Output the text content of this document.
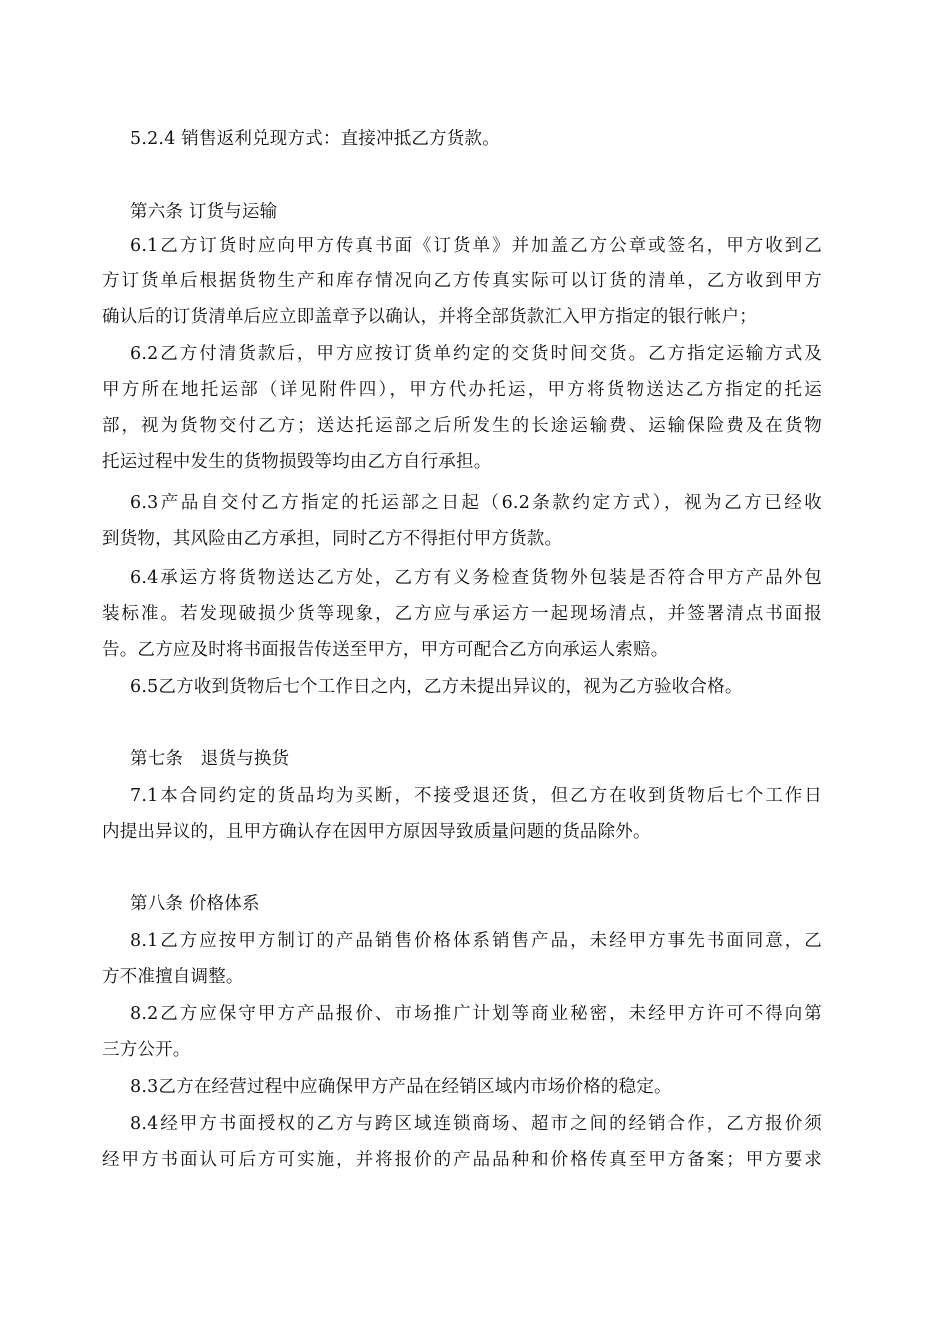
5.2.4 销售返利兑现方式：直接冲抵乙方货款。
第六条 订货与运输
6.1乙方订货时应向甲方传真书面《订货单》并加盖乙方公章或签名，甲方收到乙
方订货单后根据货物生产和库存情况向乙方传真实际可以订货的清单，乙方收到甲方
确认后的订货清单后应立即盖章予以确认，并将全部货款汇入甲方指定的银行帐户；
6.2乙方付清货款后，甲方应按订货单约定的交货时间交货。乙方指定运输方式及
甲方所在地托运部（详见附件四），甲方代办托运，甲方将货物送达乙方指定的托运
部，视为货物交付乙方；送达托运部之后所发生的长途运输费、运输保险费及在货物
托运过程中发生的货物损毁等均由乙方自行承担。
6.3产品自交付乙方指定的托运部之日起（6.2条款约定方式），视为乙方已经收
到货物，其风险由乙方承担，同时乙方不得拒付甲方货款。
6.4承运方将货物送达乙方处，乙方有义务检查货物外包装是否符合甲方产品外包
装标准。若发现破损少货等现象，乙方应与承运方一起现场清点，并签署清点书面报
告。乙方应及时将书面报告传送至甲方，甲方可配合乙方向承运人索赔。
6.5乙方收到货物后七个工作日之内，乙方未提出异议的，视为乙方验收合格。
第七条　退货与换货
7.1本合同约定的货品均为买断，不接受退还货，但乙方在收到货物后七个工作日
内提出异议的，且甲方确认存在因甲方原因导致质量问题的货品除外。
第八条 价格体系
8.1乙方应按甲方制订的产品销售价格体系销售产品，未经甲方事先书面同意，乙
方不准擅自调整。
8.2乙方应保守甲方产品报价、市场推广计划等商业秘密，未经甲方许可不得向第
三方公开。
8.3乙方在经营过程中应确保甲方产品在经销区域内市场价格的稳定。
8.4经甲方书面授权的乙方与跨区域连锁商场、超市之间的经销合作，乙方报价须
经甲方书面认可后方可实施，并将报价的产品品种和价格传真至甲方备案；甲方要求
